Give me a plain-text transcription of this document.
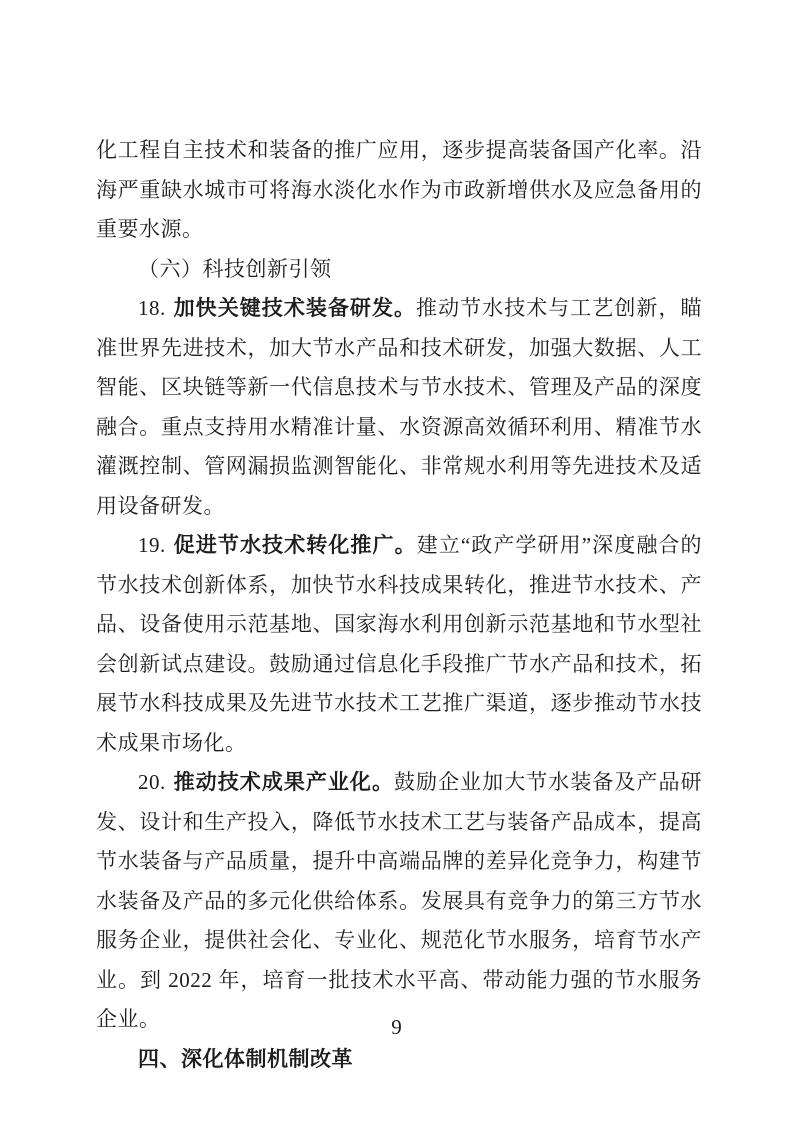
化工程自主技术和装备的推广应用，逐步提高装备国产化率。沿海严重缺水城市可将海水淡化水作为市政新增供水及应急备用的重要水源。

（六）科技创新引领

18. 加快关键技术装备研发。推动节水技术与工艺创新，瞄准世界先进技术，加大节水产品和技术研发，加强大数据、人工智能、区块链等新一代信息技术与节水技术、管理及产品的深度融合。重点支持用水精准计量、水资源高效循环利用、精准节水灌溉控制、管网漏损监测智能化、非常规水利用等先进技术及适用设备研发。

19. 促进节水技术转化推广。建立“政产学研用”深度融合的节水技术创新体系，加快节水科技成果转化，推进节水技术、产品、设备使用示范基地、国家海水利用创新示范基地和节水型社会创新试点建设。鼓励通过信息化手段推广节水产品和技术，拓展节水科技成果及先进节水技术工艺推广渠道，逐步推动节水技术成果市场化。

20. 推动技术成果产业化。鼓励企业加大节水装备及产品研发、设计和生产投入，降低节水技术工艺与装备产品成本，提高节水装备与产品质量，提升中高端品牌的差异化竞争力，构建节水装备及产品的多元化供给体系。发展具有竞争力的第三方节水服务企业，提供社会化、专业化、规范化节水服务，培育节水产业。到 2022 年，培育一批技术水平高、带动能力强的节水服务企业。

四、深化体制机制改革

9
